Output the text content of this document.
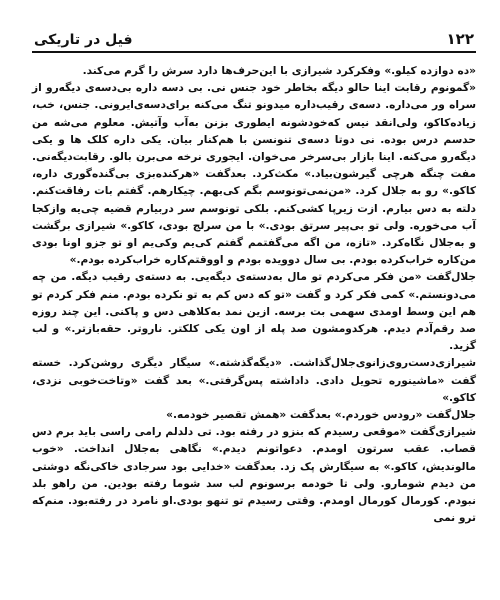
فیل در تاریکی	۱۲۲

«ده دوازده کیلو.» وفکرکرد شیرازی با این‌حرف‌ها دارد سرش را گرم می‌کند.

«گمونوم رقابت اینا حالو دیگه بخاطر خود جنس نی. بی دسه داره بی‌دسه‌ی دیگه‌رو از سراه ور می‌داره. دسه‌ی رقیب‌داره میدونو تنگ می‌کنه برای‌دسه‌ی‌ایرونی. جنس، خب، زیاده‌کاکو، ولی‌انقد نیس که‌خودشونه ایطوری بزنن به‌آب وآتیش. معلوم می‌شه من حدسم درس بوده. نی دوتا دسه‌ی تنونسن با هم‌کنار بیان. یکی داره کلک ها و یکی دیگه‌رو می‌کنه. اینا بازار بی‌سرخر می‌خوان. ایجوری نرخه می‌برن بالو. رقابت‌دیگه‌نی. مفت چنگه هرچی گیرشون‌بیاد.» مکث‌کرد. بعدگفت «هرکنده‌بزی بی‌گنده‌گوری داره، کاکو.» رو به جلال کرد. «من‌نمی‌تونوسم بگم کی‌بهم. چیکارهم. گفتم بات رفاقت‌کنم. دلته به‌ دس بیارم. ازت زیرپا کشی‌کنم. بلکی تونوسم سر دربیارم قضیه چی‌یه واز‌کجا آب می‌خوره. ولی تو بی‌پیر سرتق بودی.» با من سرلج بودی، کاکو.» شیرازی برگشت و به‌جلال نگاه‌کرد. «تازه، من اگه می‌گفتمم گفتم کی‌یم وکی‌یم او تو جزو اونا بودی من‌کاره خراب‌کرده بودم. بی‌ سال دوویده بودم و اووقتم‌کاره خراب‌کرده بودم.»

جلال‌گفت «من فکر می‌کردم تو مال به‌دسته‌ی دیگه‌یی. به دسته‌ی رقیب دیگه. من چه می‌دونستم.» کمی فکر کرد و گفت «تو که دس‌ کم به تو نکرده بودم. منم فکر کردم تو هم این وسط اومدی سهمی بت برسه. ازین نمد به‌کلاهی دس و پاکنی. این چند روزه صد رقم‌آدم دیدم. هرکدومشون صد پله از اون یکی کلکتر. ناروتر. حقه‌بازتر.» و لب‌ گزید.

شیرازی‌دست‌روی‌زانوی‌جلال‌گذاشت. «دیگه‌گذشته.» سیگار دیگری روشن‌کرد. خسته گفت «ماشینوره تحویل دادی. داداشته پس‌گرفتی.» بعد گفت «وتاخت‌خوبی نزدی، کاکو.»

جلال‌گفت «رودس خوردم.» بعدگفت «همش تقصیر خودمه.»

شیرازی‌گفت «موقعی رسیدم که بنزو در رفته بود. تی دلدلم رامی راسی باید برم دس قصاب. عقب سرتون اومدم. دعواتونم دیدم.» نگاهی به‌جلال انداخت. «خوب مالوندیش، کاکو.» به سیگارش پک زد. بعدگفت «خدایی بود سرجادی خاکی‌نگه دوشتی من‌ دیدم شومارو. ولی تا خودمه برسونوم لب سد شوما رفته بودین. من راهو بلد نبودم. کورمال کورمال اومدم. وقتی رسیدم تو تنهو بودی.او نامرد در رفته‌بود. منم‌که ترو نمی‌
